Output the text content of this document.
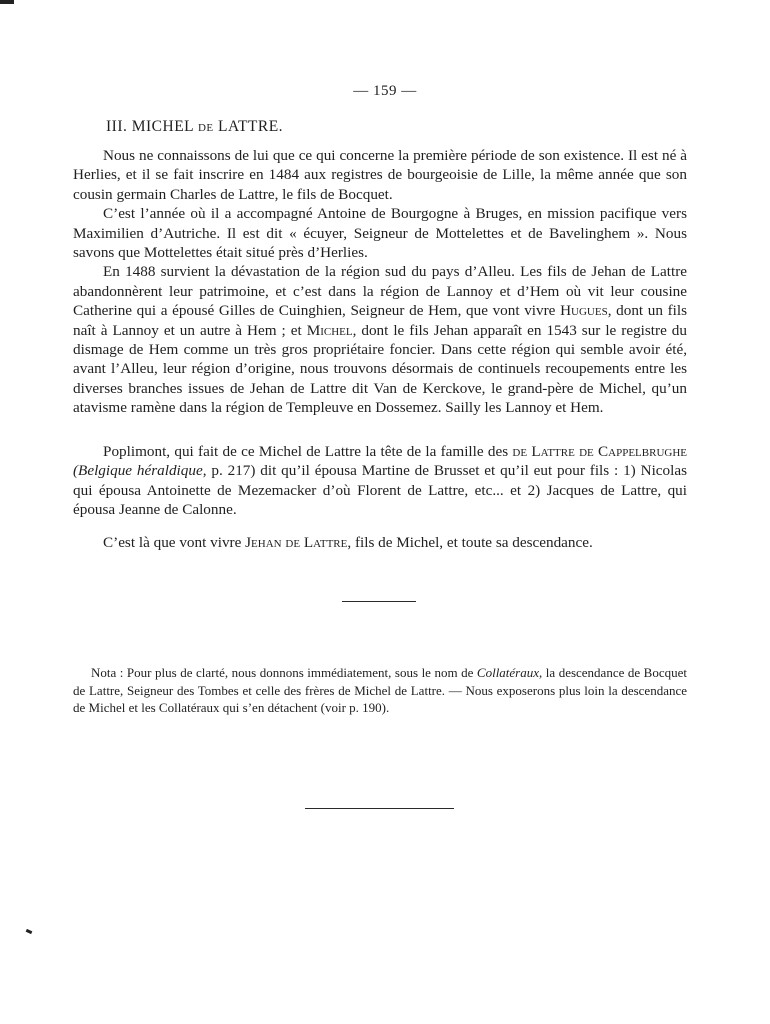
— 159 —
III. MICHEL de LATTRE.

Nous ne connaissons de lui que ce qui concerne la première période de son existence. Il est né à Herlies, et il se fait inscrire en 1484 aux registres de bourgeoisie de Lille, la même année que son cousin germain Charles de Lattre, le fils de Bocquet.

C’est l’année où il a accompagné Antoine de Bourgogne à Bruges, en mission pacifique vers Maximilien d’Autriche. Il est dit « écuyer, Seigneur de Mottelettes et de Bavelinghem ». Nous savons que Mottelettes était situé près d’Herlies.

En 1488 survient la dévastation de la région sud du pays d’Alleu. Les fils de Jehan de Lattre abandonnèrent leur patrimoine, et c’est dans la région de Lannoy et d’Hem où vit leur cousine Catherine qui a épousé Gilles de Cuinghien, Seigneur de Hem, que vont vivre Hugues, dont un fils naît à Lannoy et un autre à Hem ; et Michel, dont le fils Jehan apparaît en 1543 sur le registre du dismage de Hem comme un très gros propriétaire foncier. Dans cette région qui semble avoir été, avant l’Alleu, leur région d’origine, nous trouvons désormais de continuels recoupements entre les diverses branches issues de Jehan de Lattre dit Van de Kerckove, le grand-père de Michel, qu’un atavisme ramène dans la région de Templeuve en Dossemez. Sailly les Lannoy et Hem.

Poplimont, qui fait de ce Michel de Lattre la tête de la famille des de Lattre de Cappelbrughe (Belgique héraldique, p. 217) dit qu’il épousa Martine de Brusset et qu’il eut pour fils : 1) Nicolas qui épousa Antoinette de Mezemacker d’où Florent de Lattre, etc... et 2) Jacques de Lattre, qui épousa Jeanne de Calonne.

C’est là que vont vivre Jehan de Lattre, fils de Michel, et toute sa descendance.

Nota : Pour plus de clarté, nous donnons immédiatement, sous le nom de Collatéraux, la descendance de Bocquet de Lattre, Seigneur des Tombes et celle des frères de Michel de Lattre. — Nous exposerons plus loin la descendance de Michel et les Collatéraux qui s’en détachent (voir p. 190).
